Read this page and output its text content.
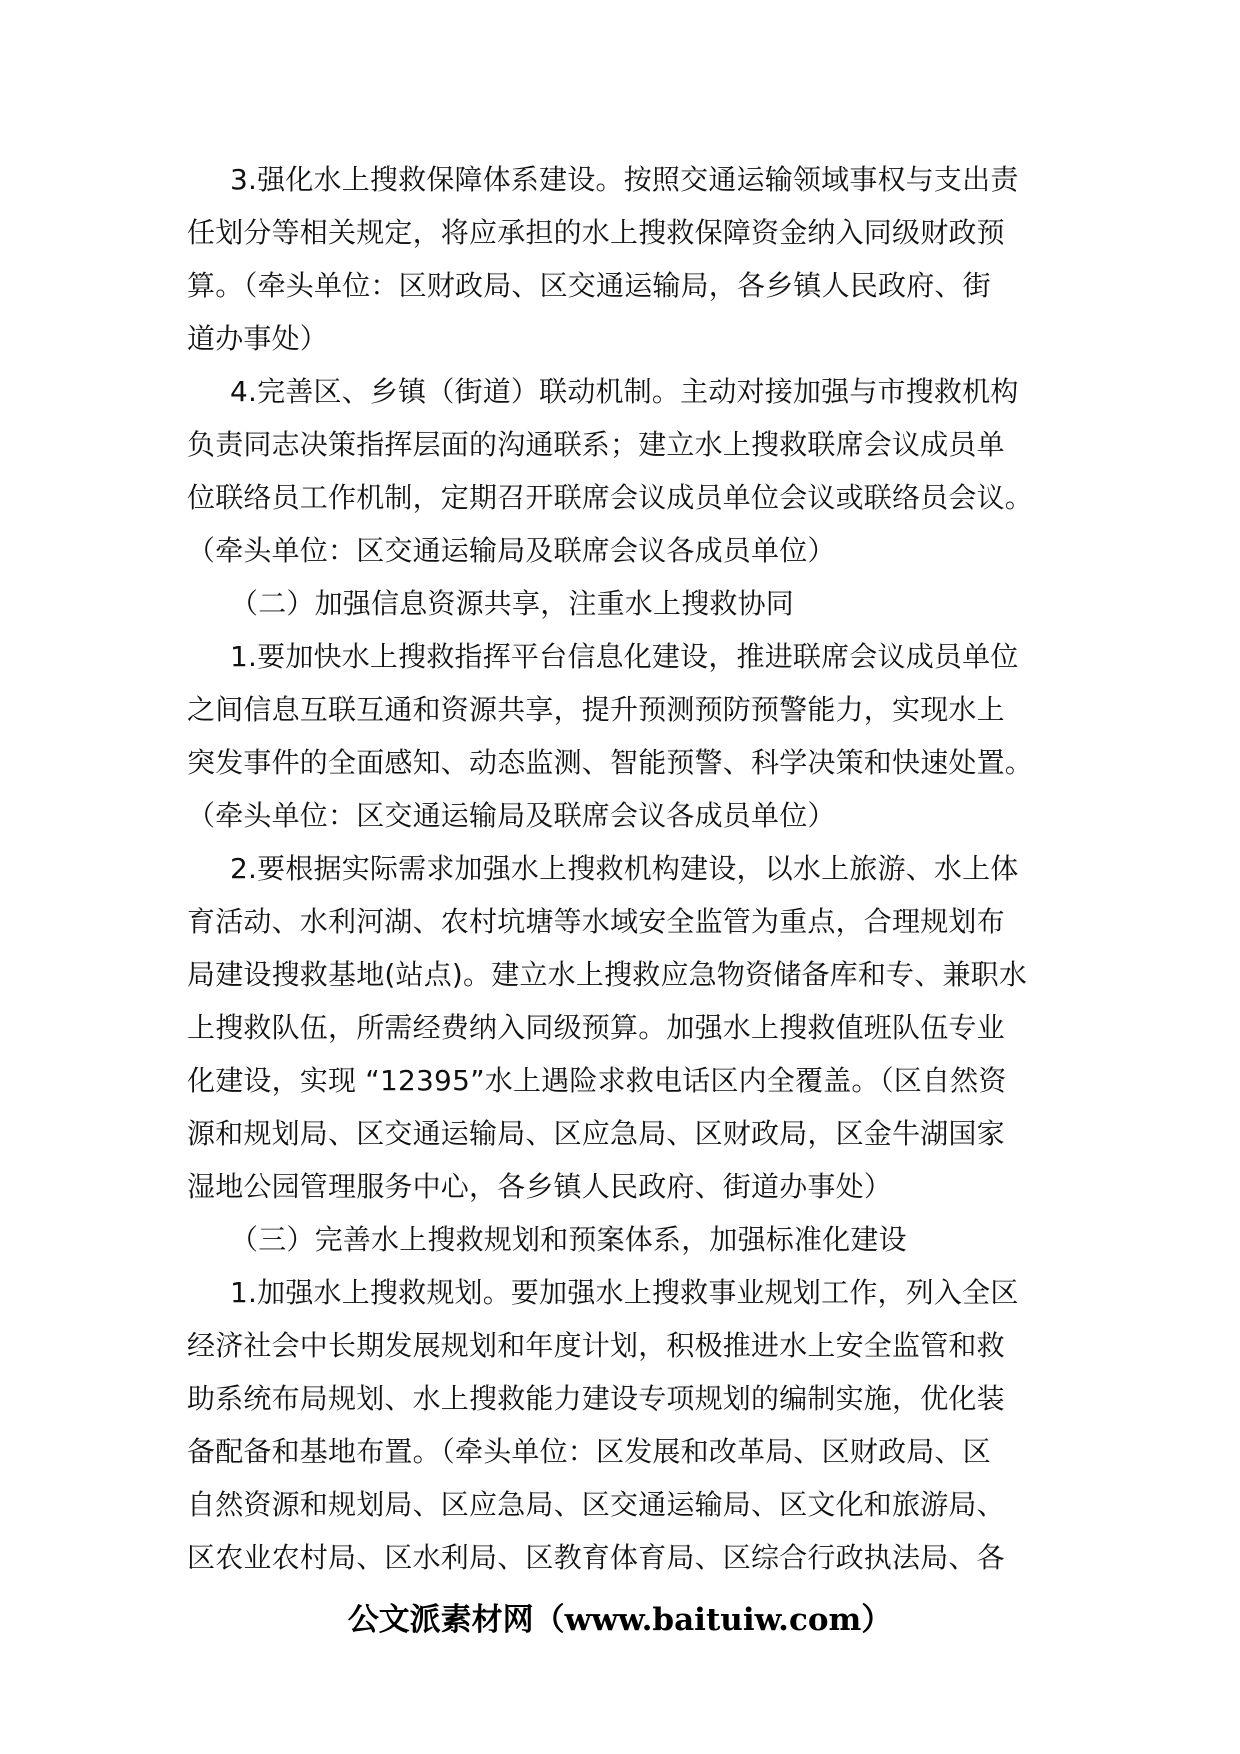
3.强化水上搜救保障体系建设。按照交通运输领域事权与支出责
任划分等相关规定，将应承担的水上搜救保障资金纳入同级财政预
算。（牵头单位：区财政局、区交通运输局，各乡镇人民政府、街
道办事处）
4.完善区、乡镇（街道）联动机制。主动对接加强与市搜救机构
负责同志决策指挥层面的沟通联系；建立水上搜救联席会议成员单
位联络员工作机制，定期召开联席会议成员单位会议或联络员会议。
（牵头单位：区交通运输局及联席会议各成员单位）
（二）加强信息资源共享，注重水上搜救协同
1.要加快水上搜救指挥平台信息化建设，推进联席会议成员单位
之间信息互联互通和资源共享，提升预测预防预警能力，实现水上
突发事件的全面感知、动态监测、智能预警、科学决策和快速处置。
（牵头单位：区交通运输局及联席会议各成员单位）
2.要根据实际需求加强水上搜救机构建设，以水上旅游、水上体
育活动、水利河湖、农村坑塘等水域安全监管为重点，合理规划布
局建设搜救基地(站点)。建立水上搜救应急物资储备库和专、兼职水
上搜救队伍，所需经费纳入同级预算。加强水上搜救值班队伍专业
化建设，实现 “12395”水上遇险求救电话区内全覆盖。（区自然资
源和规划局、区交通运输局、区应急局、区财政局，区金牛湖国家
湿地公园管理服务中心，各乡镇人民政府、街道办事处）
（三）完善水上搜救规划和预案体系，加强标准化建设
1.加强水上搜救规划。要加强水上搜救事业规划工作，列入全区
经济社会中长期发展规划和年度计划，积极推进水上安全监管和救
助系统布局规划、水上搜救能力建设专项规划的编制实施，优化装
备配备和基地布置。（牵头单位：区发展和改革局、区财政局、区
自然资源和规划局、区应急局、区交通运输局、区文化和旅游局、
区农业农村局、区水利局、区教育体育局、区综合行政执法局、各
公文派素材网（www.baituiw.com）
